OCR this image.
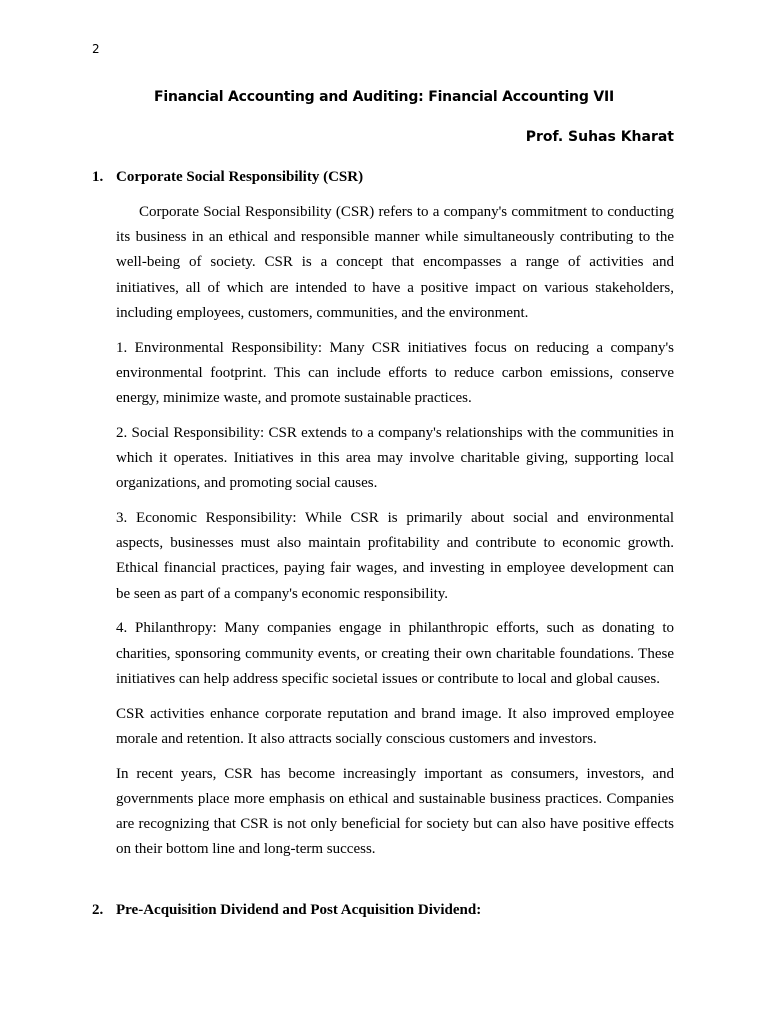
2
Financial Accounting and Auditing: Financial Accounting VII
Prof. Suhas Kharat
1. Corporate Social Responsibility (CSR)

Corporate Social Responsibility (CSR) refers to a company's commitment to conducting its business in an ethical and responsible manner while simultaneously contributing to the well-being of society. CSR is a concept that encompasses a range of activities and initiatives, all of which are intended to have a positive impact on various stakeholders, including employees, customers, communities, and the environment.

1. Environmental Responsibility: Many CSR initiatives focus on reducing a company's environmental footprint. This can include efforts to reduce carbon emissions, conserve energy, minimize waste, and promote sustainable practices.

2. Social Responsibility: CSR extends to a company's relationships with the communities in which it operates. Initiatives in this area may involve charitable giving, supporting local organizations, and promoting social causes.

3. Economic Responsibility: While CSR is primarily about social and environmental aspects, businesses must also maintain profitability and contribute to economic growth. Ethical financial practices, paying fair wages, and investing in employee development can be seen as part of a company's economic responsibility.

4. Philanthropy: Many companies engage in philanthropic efforts, such as donating to charities, sponsoring community events, or creating their own charitable foundations. These initiatives can help address specific societal issues or contribute to local and global causes.

CSR activities enhance corporate reputation and brand image. It also improved employee morale and retention. It also attracts socially conscious customers and investors.

In recent years, CSR has become increasingly important as consumers, investors, and governments place more emphasis on ethical and sustainable business practices. Companies are recognizing that CSR is not only beneficial for society but can also have positive effects on their bottom line and long-term success.

2. Pre-Acquisition Dividend and Post Acquisition Dividend:
